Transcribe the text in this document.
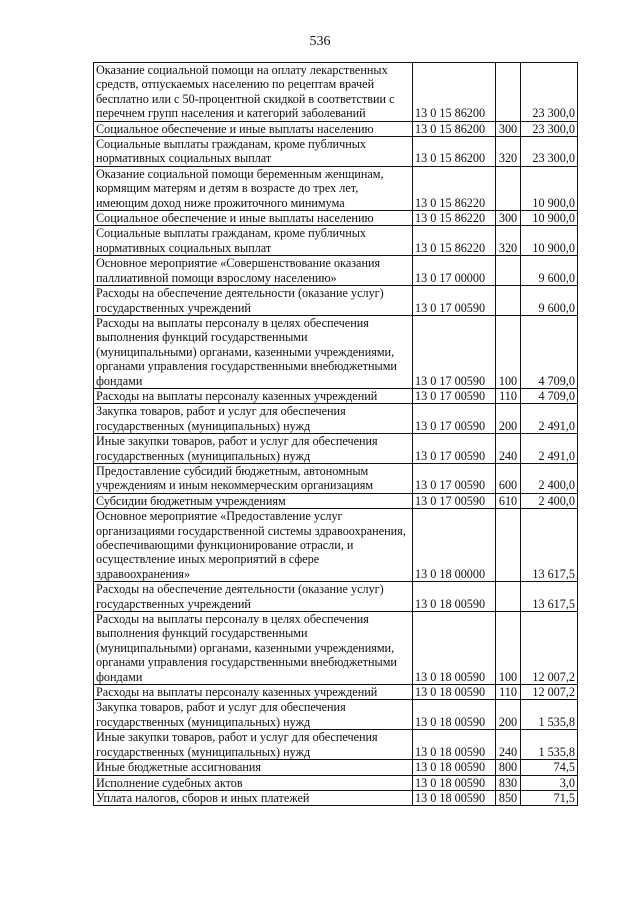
536
Оказание социальной помощи на оплату лекарственных средств, отпускаемых населению по рецептам врачей бесплатно или с 50-процентной скидкой в соответствии с перечнем групп населения и категорий заболеваний	13 0 15 86200		23 300,0
Социальное обеспечение и иные выплаты населению	13 0 15 86200	300	23 300,0
Социальные выплаты гражданам, кроме публичных нормативных социальных выплат	13 0 15 86200	320	23 300,0
Оказание социальной помощи беременным женщинам, кормящим матерям и детям в возрасте до трех лет, имеющим доход ниже прожиточного минимума	13 0 15 86220		10 900,0
Социальное обеспечение и иные выплаты населению	13 0 15 86220	300	10 900,0
Социальные выплаты гражданам, кроме публичных нормативных социальных выплат	13 0 15 86220	320	10 900,0
Основное мероприятие «Совершенствование оказания паллиативной помощи взрослому населению»	13 0 17 00000		9 600,0
Расходы на обеспечение деятельности (оказание услуг) государственных учреждений	13 0 17 00590		9 600,0
Расходы на выплаты персоналу в целях обеспечения выполнения функций государственными (муниципальными) органами, казенными учреждениями, органами управления государственными внебюджетными фондами	13 0 17 00590	100	4 709,0
Расходы на выплаты персоналу казенных учреждений	13 0 17 00590	110	4 709,0
Закупка товаров, работ и услуг для обеспечения государственных (муниципальных) нужд	13 0 17 00590	200	2 491,0
Иные закупки товаров, работ и услуг для обеспечения государственных (муниципальных) нужд	13 0 17 00590	240	2 491,0
Предоставление субсидий бюджетным, автономным учреждениям и иным некоммерческим организациям	13 0 17 00590	600	2 400,0
Субсидии бюджетным учреждениям	13 0 17 00590	610	2 400,0
Основное мероприятие «Предоставление услуг организациями государственной системы здравоохранения, обеспечивающими функционирование отрасли, и осуществление иных мероприятий в сфере здравоохранения»	13 0 18 00000		13 617,5
Расходы на обеспечение деятельности (оказание услуг) государственных учреждений	13 0 18 00590		13 617,5
Расходы на выплаты персоналу в целях обеспечения выполнения функций государственными (муниципальными) органами, казенными учреждениями, органами управления государственными внебюджетными фондами	13 0 18 00590	100	12 007,2
Расходы на выплаты персоналу казенных учреждений	13 0 18 00590	110	12 007,2
Закупка товаров, работ и услуг для обеспечения государственных (муниципальных) нужд	13 0 18 00590	200	1 535,8
Иные закупки товаров, работ и услуг для обеспечения государственных (муниципальных) нужд	13 0 18 00590	240	1 535,8
Иные бюджетные ассигнования	13 0 18 00590	800	74,5
Исполнение судебных актов	13 0 18 00590	830	3,0
Уплата налогов, сборов и иных платежей	13 0 18 00590	850	71,5
